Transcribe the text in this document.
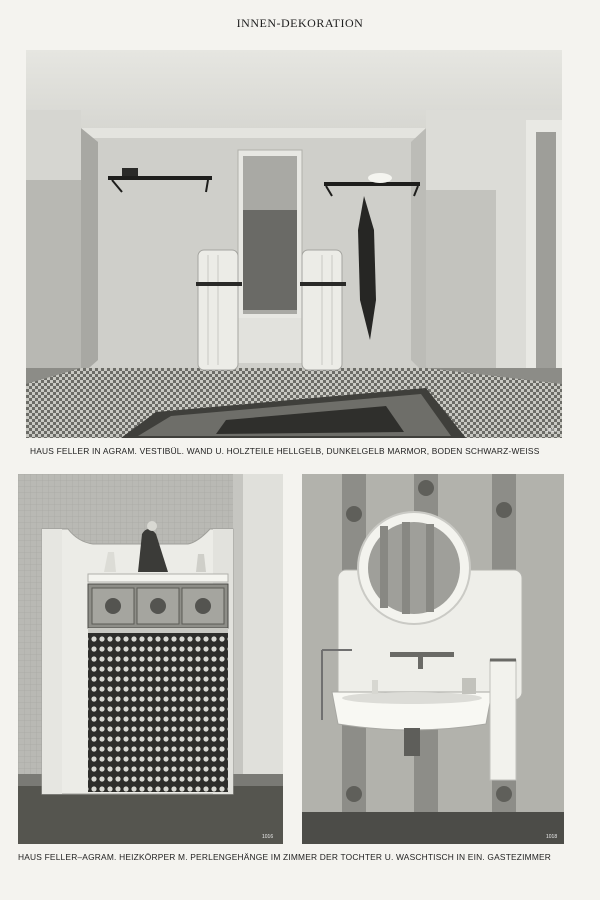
INNEN-DEKORATION
1012
HAUS FELLER IN AGRAM. VESTIBÜL. WAND U. HOLZTEILE HELLGELB, DUNKELGELB MARMOR, BODEN SCHWARZ-WEISS
1016	1018
HAUS FELLER–AGRAM. HEIZKÖRPER M. PERLENGEHÄNGE IM ZIMMER DER TOCHTER U. WASCHTISCH IN EIN. GASTEZIMMER
